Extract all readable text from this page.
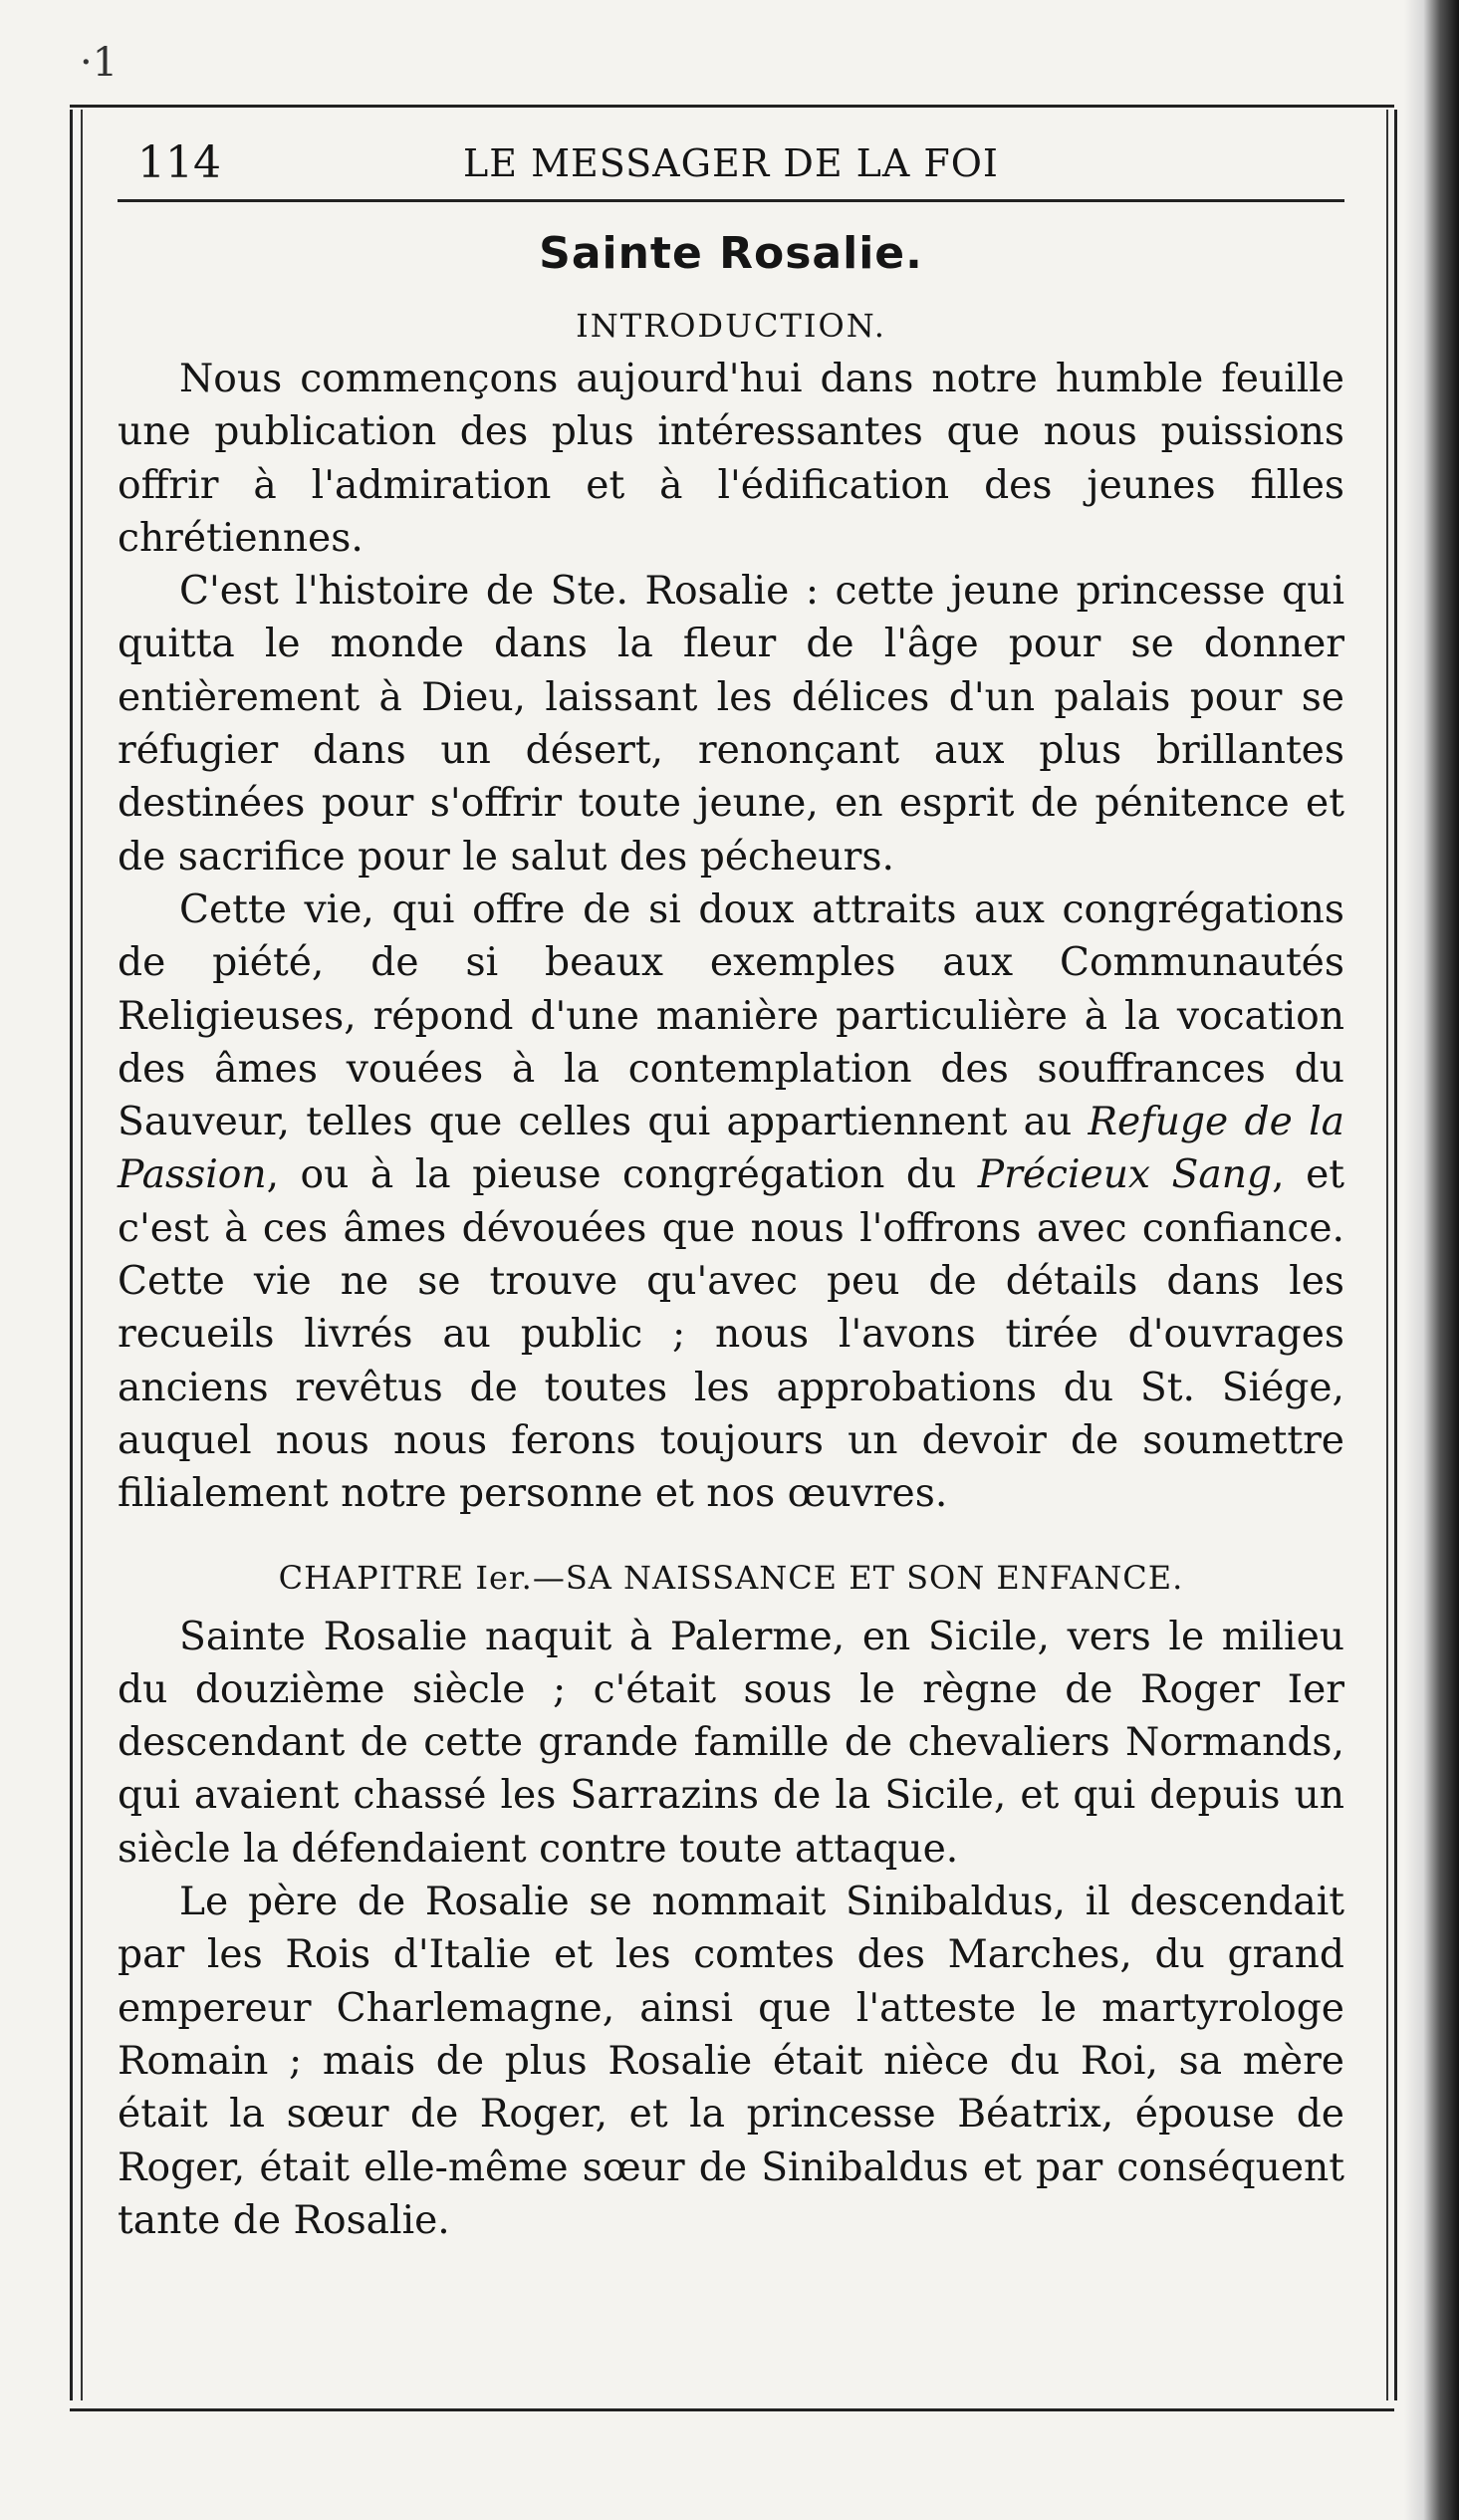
·1
114	LE MESSAGER DE LA FOI
Sainte Rosalie.
INTRODUCTION.

Nous commençons aujourd'hui dans notre humble feuille une publication des plus intéressantes que nous puissions offrir à l'admiration et à l'édification des jeunes filles chrétiennes.

C'est l'histoire de Ste. Rosalie : cette jeune princesse qui quitta le monde dans la fleur de l'âge pour se donner entièrement à Dieu, laissant les délices d'un palais pour se réfugier dans un désert, renonçant aux plus brillantes destinées pour s'offrir toute jeune, en esprit de pénitence et de sacrifice pour le salut des pécheurs.

Cette vie, qui offre de si doux attraits aux congrégations de piété, de si beaux exemples aux Communautés Religieuses, répond d'une manière particulière à la vocation des âmes vouées à la contemplation des souffrances du Sauveur, telles que celles qui appartiennent au Refuge de la Passion, ou à la pieuse congrégation du Précieux Sang, et c'est à ces âmes dévouées que nous l'offrons avec confiance. Cette vie ne se trouve qu'avec peu de détails dans les recueils livrés au public ; nous l'avons tirée d'ouvrages anciens revêtus de toutes les approbations du St. Siége, auquel nous nous ferons toujours un devoir de soumettre filialement notre personne et nos œuvres.

CHAPITRE Ier.—SA NAISSANCE ET SON ENFANCE.

Sainte Rosalie naquit à Palerme, en Sicile, vers le milieu du douzième siècle ; c'était sous le règne de Roger Ier descendant de cette grande famille de chevaliers Normands, qui avaient chassé les Sarrazins de la Sicile, et qui depuis un siècle la défendaient contre toute attaque.

Le père de Rosalie se nommait Sinibaldus, il descendait par les Rois d'Italie et les comtes des Marches, du grand empereur Charlemagne, ainsi que l'atteste le martyrologe Romain ; mais de plus Rosalie était nièce du Roi, sa mère était la sœur de Roger, et la princesse Béatrix, épouse de Roger, était elle-même sœur de Sinibaldus et par conséquent tante de Rosalie.
